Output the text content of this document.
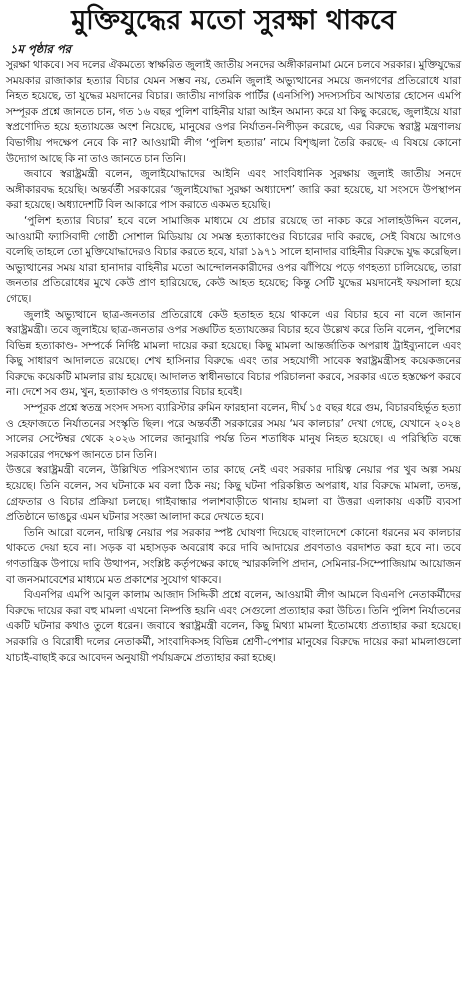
মুক্তিযুদ্ধের মতো সুরক্ষা থাকবে
১ম পৃষ্ঠার পর

সুরক্ষা থাকবে। সব দলের ঐকমত্যে স্বাক্ষরিত জুলাই জাতীয় সনদের অঙ্গীকারনামা মেনে চলবে সরকার। মুক্তিযুদ্ধের সময়কার রাজাকার হত্যার বিচার যেমন সম্ভব নয়, তেমনি জুলাই অভ্যুত্থানের সময়ে জনগণের প্রতিরোধে যারা নিহত হয়েছে, তা যুদ্ধের ময়দানের বিচার। জাতীয় নাগরিক পার্টির (এনসিপি) সদস্যসচিব আখতার হোসেন এমপি সম্পূরক প্রশ্নে জানতে চান, গত ১৬ বছর পুলিশ বাহিনীর যারা আইন অমান্য করে যা কিছু করেছে, জুলাইয়ে যারা স্বপ্রণোদিত হয়ে হত্যাযজ্ঞে অংশ নিয়েছে, মানুষের ওপর নির্যাতন-নিপীড়ন করেছে, এর বিরুদ্ধে স্বরাষ্ট্র মন্ত্রণালয় বিভাগীয় পদক্ষেপ নেবে কি না? আওয়ামী লীগ ‘পুলিশ হত্যার’ নামে বিশৃঙ্খলা তৈরি করছে- এ বিষয়ে কোনো উদ্যোগ আছে কি না তাও জানতে চান তিনি।

জবাবে স্বরাষ্ট্রমন্ত্রী বলেন, জুলাইযোদ্ধাদের আইনি এবং সাংবিধানিক সুরক্ষায় জুলাই জাতীয় সনদে অঙ্গীকারবদ্ধ হয়েছি। অন্তর্বর্তী সরকারের ‘জুলাইযোদ্ধা সুরক্ষা অধ্যাদেশ’ জারি করা হয়েছে, যা সংসদে উপস্থাপন করা হয়েছে। অধ্যাদেশটি বিল আকারে পাস করাতে একমত হয়েছি।

‘পুলিশ হত্যার বিচার’ হবে বলে সামাজিক মাধ্যমে যে প্রচার রয়েছে তা নাকচ করে সালাহউদ্দিন বলেন, আওয়ামী ফ্যাসিবাদী গোষ্ঠী সোশাল মিডিয়ায় যে সমস্ত হত্যাকাণ্ডের বিচারের দাবি করছে, সেই বিষয়ে আগেও বলেছি তাহলে তো মুক্তিযোদ্ধাদেরও বিচার করতে হবে, যারা ১৯৭১ সালে হানাদার বাহিনীর বিরুদ্ধে যুদ্ধ করেছিল। অভ্যুত্থানের সময় যারা হানাদার বাহিনীর মতো আন্দোলনকারীদের ওপর ঝাঁপিয়ে পড়ে গণহত্যা চালিয়েছে, তারা জনতার প্রতিরোধের মুখে কেউ প্রাণ হারিয়েছে, কেউ আহত হয়েছে; কিন্তু সেটি যুদ্ধের ময়দানেই ফয়সালা হয়ে গেছে।

জুলাই অভ্যুত্থানে ছাত্র-জনতার প্রতিরোধে কেউ হতাহত হয়ে থাকলে এর বিচার হবে না বলে জানান স্বরাষ্ট্রমন্ত্রী। তবে জুলাইয়ে ছাত্র-জনতার ওপর সঙ্ঘটিত হত্যাযজ্ঞের বিচার হবে উল্লেখ করে তিনি বলেন, পুলিশের বিভিন্ন হত্যাকাণ্ড- সম্পর্কে নির্দিষ্ট মামলা দায়ের করা হয়েছে। কিছু মামলা আন্তর্জাতিক অপরাধ ট্রাইব্যুনালে এবং কিছু সাধারণ আদালতে রয়েছে। শেখ হাসিনার বিরুদ্ধে এবং তার সহযোগী সাবেক স্বরাষ্ট্রমন্ত্রীসহ কয়েকজনের বিরুদ্ধে কয়েকটি মামলার রায় হয়েছে। আদালত স্বাধীনভাবে বিচার পরিচালনা করবে, সরকার এতে হস্তক্ষেপ করবে না। দেশে সব গুম, খুন, হত্যাকাণ্ড ও গণহত্যার বিচার হবেই।

সম্পূরক প্রশ্নে স্বতন্ত্র সংসদ সদস্য ব্যারিস্টার রুমিন ফারহানা বলেন, দীর্ঘ ১৫ বছর ধরে গুম, বিচারবহির্ভূত হত্যা ও হেফাজতে নির্যাতনের সংস্কৃতি ছিল। পরে অন্তর্বর্তী সরকারের সময় ‘মব কালচার’ দেখা গেছে, যেখানে ২০২৪ সালের সেপ্টেম্বর থেকে ২০২৬ সালের জানুয়ারি পর্যন্ত তিন শতাধিক মানুষ নিহত হয়েছে। এ পরিস্থিতি বন্ধে সরকারের পদক্ষেপ জানতে চান তিনি।

উত্তরে স্বরাষ্ট্রমন্ত্রী বলেন, উল্লিখিত পরিসংখ্যান তার কাছে নেই এবং সরকার দায়িত্ব নেয়ার পর খুব অল্প সময় হয়েছে। তিনি বলেন, সব ঘটনাকে মব বলা ঠিক নয়; কিছু ঘটনা পরিকল্পিত অপরাধ, যার বিরুদ্ধে মামলা, তদন্ত, গ্রেফতার ও বিচার প্রক্রিয়া চলছে। গাইবান্ধার পলাশবাড়ীতে থানায় হামলা বা উত্তরা এলাকায় একটি ব্যবসা প্রতিষ্ঠানে ভাঙচুর এমন ঘটনার সংজ্ঞা আলাদা করে দেখতে হবে।

তিনি আরো বলেন, দায়িত্ব নেয়ার পর সরকার স্পষ্ট ঘোষণা দিয়েছে বাংলাদেশে কোনো ধরনের মব কালচার থাকতে দেয়া হবে না। সড়ক বা মহাসড়ক অবরোধ করে দাবি আদায়ের প্রবণতাও বরদাশত করা হবে না। তবে গণতান্ত্রিক উপায়ে দাবি উত্থাপন, সংশ্লিষ্ট কর্তৃপক্ষের কাছে স্মারকলিপি প্রদান, সেমিনার-সিম্পোজিয়াম আয়োজন বা জনসমাবেশের মাধ্যমে মত প্রকাশের সুযোগ থাকবে।

বিএনপির এমপি আবুল কালাম আজাদ সিদ্দিকী প্রশ্নে বলেন, আওয়ামী লীগ আমলে বিএনপি নেতাকর্মীদের বিরুদ্ধে দায়ের করা বহু মামলা এখনো নিষ্পত্তি হয়নি এবং সেগুলো প্রত্যাহার করা উচিত। তিনি পুলিশ নির্যাতনের একটি ঘটনার কথাও তুলে ধরেন। জবাবে স্বরাষ্ট্রমন্ত্রী বলেন, কিছু মিথ্যা মামলা ইতোমধ্যে প্রত্যাহার করা হয়েছে। সরকারি ও বিরোধী দলের নেতাকর্মী, সাংবাদিকসহ বিভিন্ন শ্রেণী-পেশার মানুষের বিরুদ্ধে দায়ের করা মামলাগুলো যাচাই-বাছাই করে আবেদন অনুযায়ী পর্যায়ক্রমে প্রত্যাহার করা হচ্ছে।
